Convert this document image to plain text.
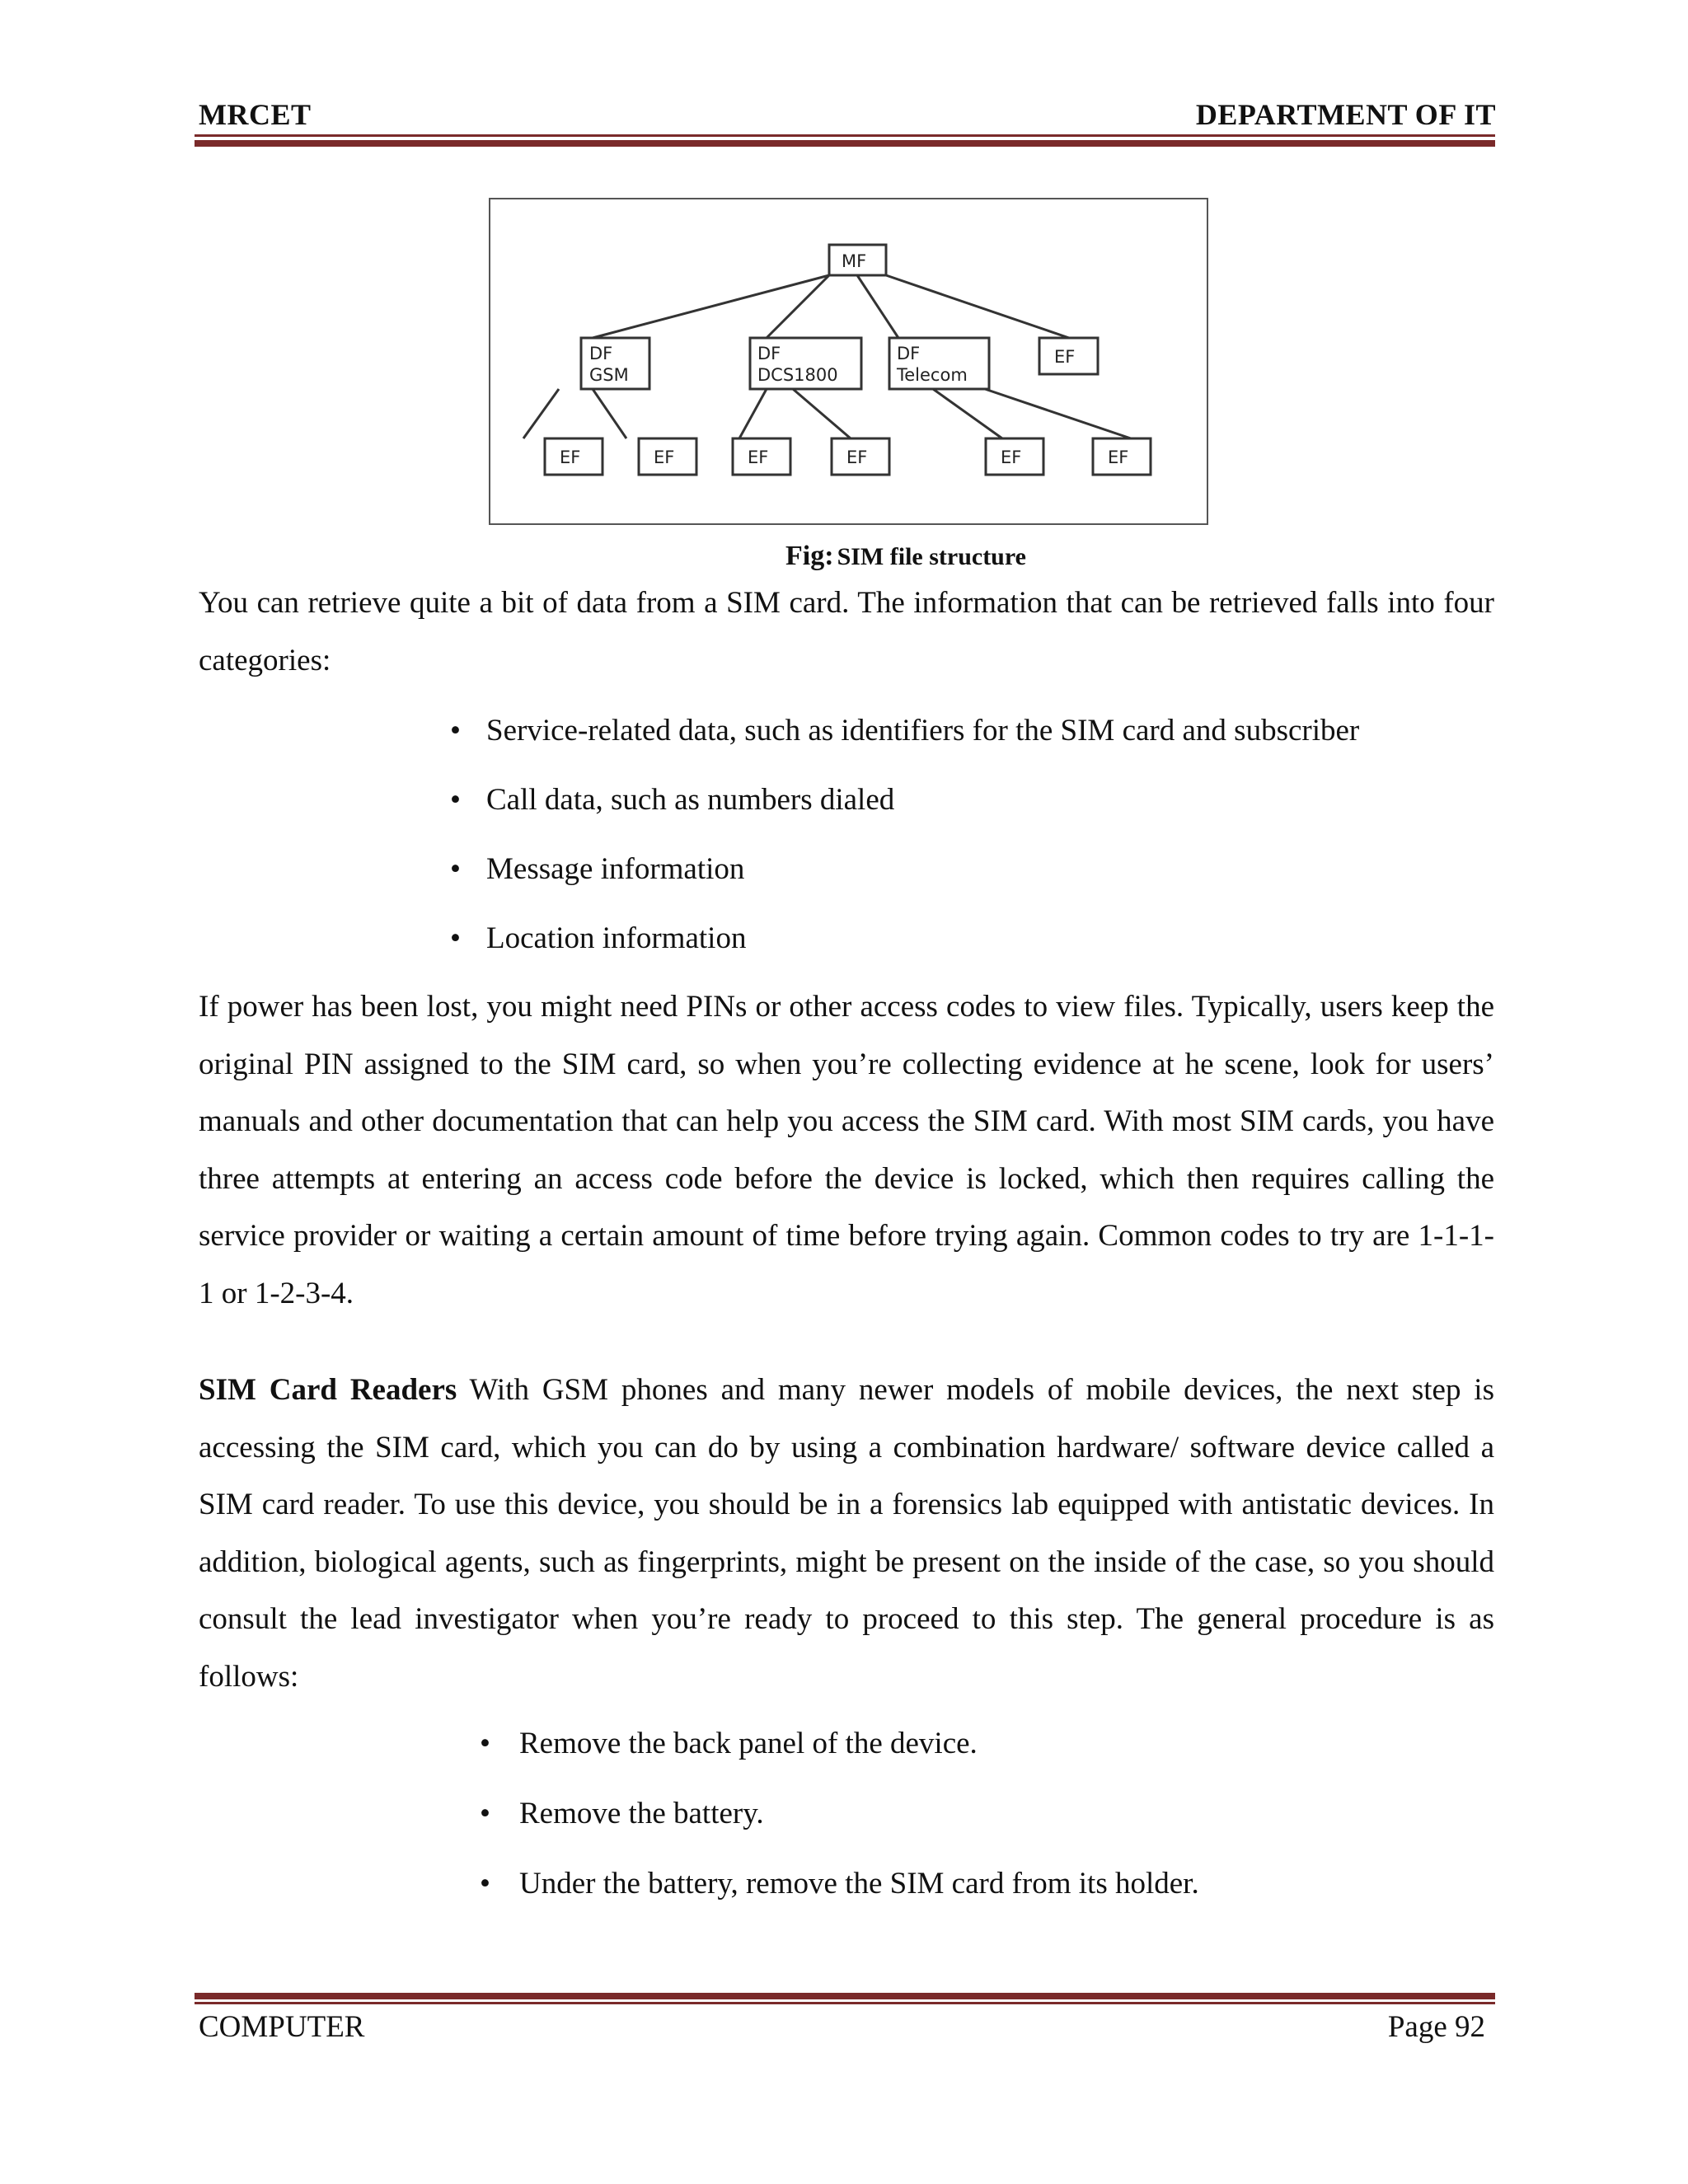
MRCET	DEPARTMENT OF IT
MF
DF
GSM
DF
DCS1800
DF
Telecom
EF
EF	EF	EF	EF	EF	EF
Fig: SIM file structure

You can retrieve quite a bit of data from a SIM card. The information that can be retrieved falls into four categories:

• Service-related data, such as identifiers for the SIM card and subscriber
• Call data, such as numbers dialed
• Message information
• Location information

If power has been lost, you might need PINs or other access codes to view files. Typically, users keep the original PIN assigned to the SIM card, so when you’re collecting evidence at he scene, look for users’ manuals and other documentation that can help you access the SIM card. With most SIM cards, you have three attempts at entering an access code before the device is locked, which then requires calling the service provider or waiting a certain amount of time before trying again. Common codes to try are 1-1-1-1 or 1-2-3-4.

SIM Card Readers With GSM phones and many newer models of mobile devices, the next step is accessing the SIM card, which you can do by using a combination hardware/ software device called a SIM card reader. To use this device, you should be in a forensics lab equipped with antistatic devices. In addition, biological agents, such as fingerprints, might be present on the inside of the case, so you should consult the lead investigator when you’re ready to proceed to this step. The general procedure is as follows:

• Remove the back panel of the device.
• Remove the battery.
• Under the battery, remove the SIM card from its holder.
COMPUTER	Page 92
